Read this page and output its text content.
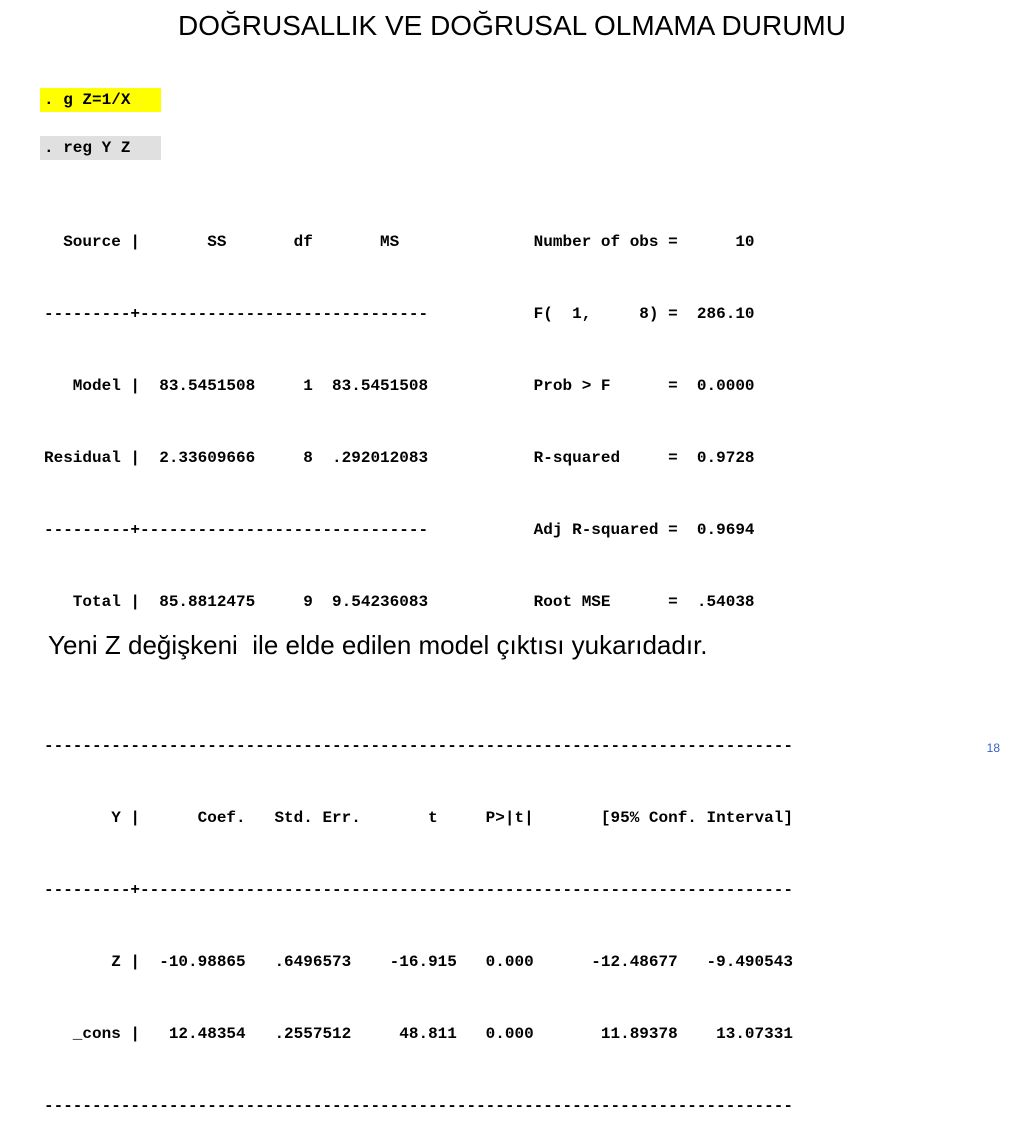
DOĞRUSALLIK VE DOĞRUSAL OLMAMA DURUMU
. g Z=1/X
. reg Y Z

Source |       SS       df       MS              Number of obs =      10

---------+------------------------------           F(  1,     8) =  286.10

Model |  83.5451508     1  83.5451508           Prob > F      =  0.0000

Residual |  2.33609666     8  .292012083           R-squared     =  0.9728

---------+------------------------------           Adj R-squared =  0.9694

Total |  85.8812475     9  9.54236083           Root MSE      =  .54038

------------------------------------------------------------------------------

Y |      Coef.   Std. Err.       t     P>|t|       [95% Conf. Interval]

---------+--------------------------------------------------------------------

Z |  -10.98865   .6496573    -16.915   0.000      -12.48677   -9.490543

_cons |   12.48354   .2557512     48.811   0.000       11.89378    13.07331

------------------------------------------------------------------------------

Yeni Z değişkeni  ile elde edilen model çıktısı yukarıdadır.
18
